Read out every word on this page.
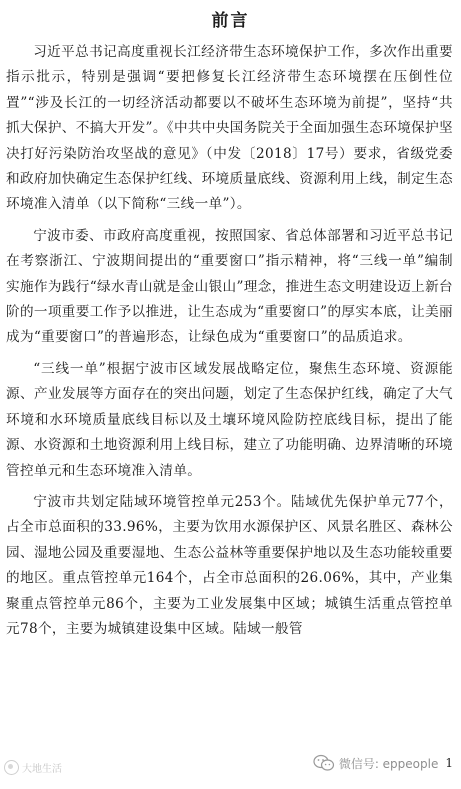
前言

习近平总书记高度重视长江经济带生态环境保护工作，多次作出重要指示批示，特别是强调“要把修复长江经济带生态环境摆在压倒性位置”“涉及长江的一切经济活动都要以不破坏生态环境为前提”，坚持“共抓大保护、不搞大开发”。《中共中央国务院关于全面加强生态环境保护坚决打好污染防治攻坚战的意见》（中发〔2018〕17号）要求，省级党委和政府加快确定生态保护红线、环境质量底线、资源利用上线，制定生态环境准入清单（以下简称“三线一单”）。

宁波市委、市政府高度重视，按照国家、省总体部署和习近平总书记在考察浙江、宁波期间提出的“重要窗口”指示精神，将“三线一单”编制实施作为践行“绿水青山就是金山银山”理念，推进生态文明建设迈上新台阶的一项重要工作予以推进，让生态成为“重要窗口”的厚实本底，让美丽成为“重要窗口”的普遍形态，让绿色成为“重要窗口”的品质追求。

“三线一单”根据宁波市区域发展战略定位，聚焦生态环境、资源能源、产业发展等方面存在的突出问题，划定了生态保护红线，确定了大气环境和水环境质量底线目标以及土壤环境风险防控底线目标，提出了能源、水资源和土地资源利用上线目标，建立了功能明确、边界清晰的环境管控单元和生态环境准入清单。

宁波市共划定陆域环境管控单元253个。陆域优先保护单元77个，占全市总面积的33.96%，主要为饮用水源保护区、风景名胜区、森林公园、湿地公园及重要湿地、生态公益林等重要保护地以及生态功能较重要的地区。重点管控单元164个，占全市总面积的26.06%，其中，产业集聚重点管控单元86个，主要为工业发展集中区域；城镇生活重点管控单元78个，主要为城镇建设集中区域。陆域一般管

大地生活	微信号: eppeople 1
